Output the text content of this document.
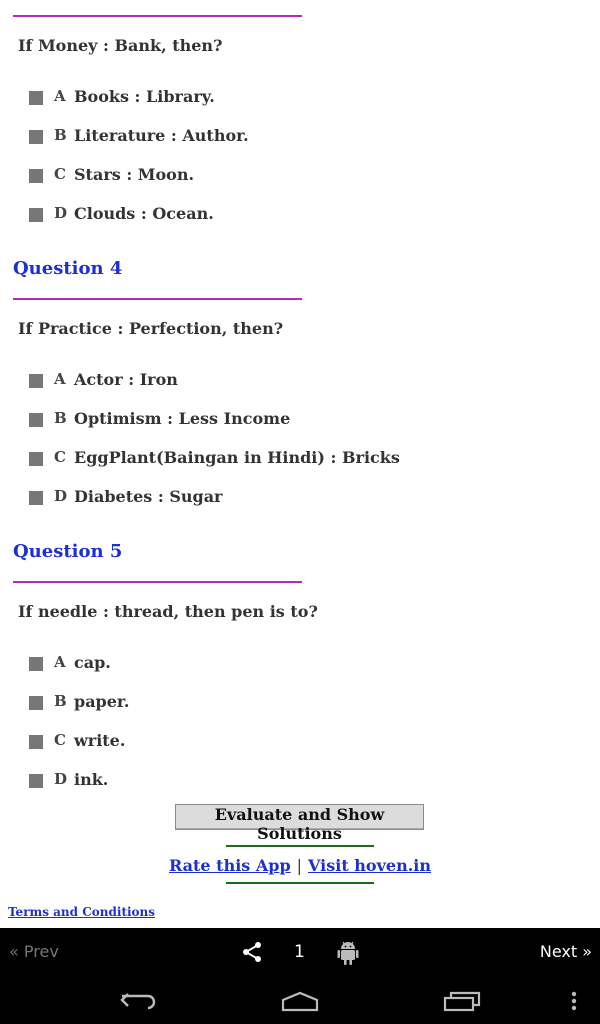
If Money : Bank, then?
A Books : Library.
B Literature : Author.
C Stars : Moon.
D Clouds : Ocean.
Question 4
If Practice : Perfection, then?
A Actor : Iron
B Optimism : Less Income
C EggPlant(Baingan in Hindi) : Bricks
D Diabetes : Sugar
Question 5
If needle : thread, then pen is to?
A cap.
B paper.
C write.
D ink.
Evaluate and Show Solutions
Rate this App | Visit hoven.in
Terms and Conditions
« Prev	1	Next »
